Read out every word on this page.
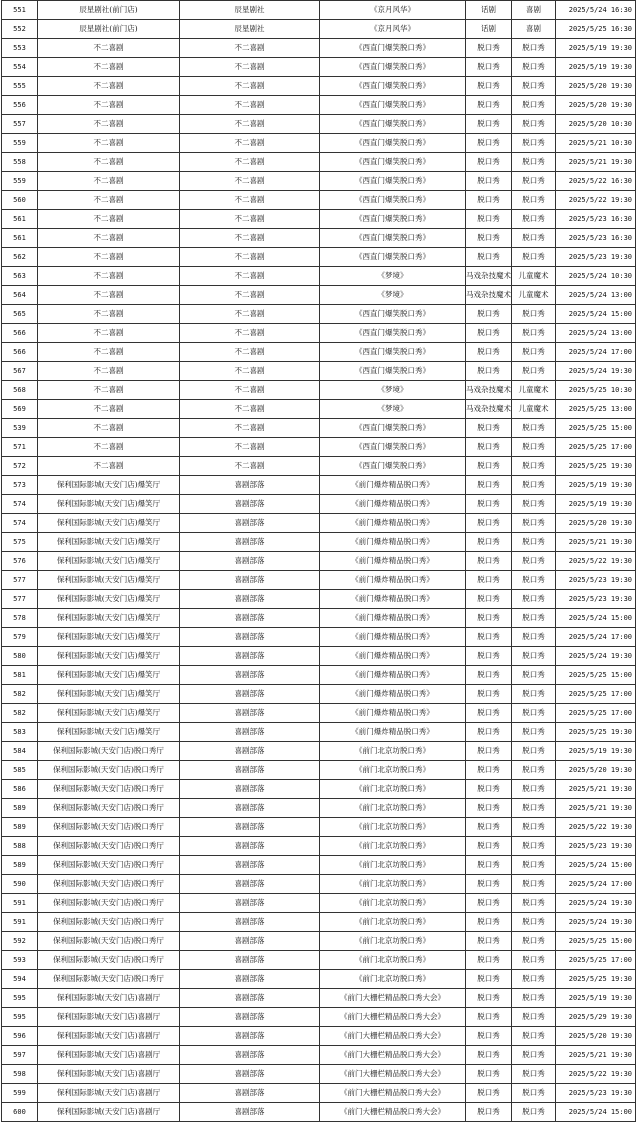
551	辰星剧社(前门店)	辰星剧社	《京月风华》	话剧	喜剧	2025/5/24 16:30
552	辰星剧社(前门店)	辰星剧社	《京月风华》	话剧	喜剧	2025/5/25 16:30
553	不二喜剧	不二喜剧	《西直门爆笑脱口秀》	脱口秀	脱口秀	2025/5/19 19:30
554	不二喜剧	不二喜剧	《西直门爆笑脱口秀》	脱口秀	脱口秀	2025/5/19 19:30
555	不二喜剧	不二喜剧	《西直门爆笑脱口秀》	脱口秀	脱口秀	2025/5/20 19:30
556	不二喜剧	不二喜剧	《西直门爆笑脱口秀》	脱口秀	脱口秀	2025/5/20 19:30
557	不二喜剧	不二喜剧	《西直门爆笑脱口秀》	脱口秀	脱口秀	2025/5/20 10:30
559	不二喜剧	不二喜剧	《西直门爆笑脱口秀》	脱口秀	脱口秀	2025/5/21 10:30
558	不二喜剧	不二喜剧	《西直门爆笑脱口秀》	脱口秀	脱口秀	2025/5/21 19:30
559	不二喜剧	不二喜剧	《西直门爆笑脱口秀》	脱口秀	脱口秀	2025/5/22 16:30
560	不二喜剧	不二喜剧	《西直门爆笑脱口秀》	脱口秀	脱口秀	2025/5/22 19:30
561	不二喜剧	不二喜剧	《西直门爆笑脱口秀》	脱口秀	脱口秀	2025/5/23 16:30
561	不二喜剧	不二喜剧	《西直门爆笑脱口秀》	脱口秀	脱口秀	2025/5/23 16:30
562	不二喜剧	不二喜剧	《西直门爆笑脱口秀》	脱口秀	脱口秀	2025/5/23 19:30
563	不二喜剧	不二喜剧	《梦境》	马戏杂技魔术	儿童魔术	2025/5/24 10:30
564	不二喜剧	不二喜剧	《梦境》	马戏杂技魔术	儿童魔术	2025/5/24 13:00
565	不二喜剧	不二喜剧	《西直门爆笑脱口秀》	脱口秀	脱口秀	2025/5/24 15:00
566	不二喜剧	不二喜剧	《西直门爆笑脱口秀》	脱口秀	脱口秀	2025/5/24 13:00
566	不二喜剧	不二喜剧	《西直门爆笑脱口秀》	脱口秀	脱口秀	2025/5/24 17:00
567	不二喜剧	不二喜剧	《西直门爆笑脱口秀》	脱口秀	脱口秀	2025/5/24 19:30
568	不二喜剧	不二喜剧	《梦境》	马戏杂技魔术	儿童魔术	2025/5/25 10:30
569	不二喜剧	不二喜剧	《梦境》	马戏杂技魔术	儿童魔术	2025/5/25 13:00
539	不二喜剧	不二喜剧	《西直门爆笑脱口秀》	脱口秀	脱口秀	2025/5/25 15:00
571	不二喜剧	不二喜剧	《西直门爆笑脱口秀》	脱口秀	脱口秀	2025/5/25 17:00
572	不二喜剧	不二喜剧	《西直门爆笑脱口秀》	脱口秀	脱口秀	2025/5/25 19:30
573	保利国际影城(天安门店)爆笑厅	喜剧部落	《前门爆炸精品脱口秀》	脱口秀	脱口秀	2025/5/19 19:30
574	保利国际影城(天安门店)爆笑厅	喜剧部落	《前门爆炸精品脱口秀》	脱口秀	脱口秀	2025/5/19 19:30
574	保利国际影城(天安门店)爆笑厅	喜剧部落	《前门爆炸精品脱口秀》	脱口秀	脱口秀	2025/5/20 19:30
575	保利国际影城(天安门店)爆笑厅	喜剧部落	《前门爆炸精品脱口秀》	脱口秀	脱口秀	2025/5/21 19:30
576	保利国际影城(天安门店)爆笑厅	喜剧部落	《前门爆炸精品脱口秀》	脱口秀	脱口秀	2025/5/22 19:30
577	保利国际影城(天安门店)爆笑厅	喜剧部落	《前门爆炸精品脱口秀》	脱口秀	脱口秀	2025/5/23 19:30
577	保利国际影城(天安门店)爆笑厅	喜剧部落	《前门爆炸精品脱口秀》	脱口秀	脱口秀	2025/5/23 19:30
578	保利国际影城(天安门店)爆笑厅	喜剧部落	《前门爆炸精品脱口秀》	脱口秀	脱口秀	2025/5/24 15:00
579	保利国际影城(天安门店)爆笑厅	喜剧部落	《前门爆炸精品脱口秀》	脱口秀	脱口秀	2025/5/24 17:00
580	保利国际影城(天安门店)爆笑厅	喜剧部落	《前门爆炸精品脱口秀》	脱口秀	脱口秀	2025/5/24 19:30
581	保利国际影城(天安门店)爆笑厅	喜剧部落	《前门爆炸精品脱口秀》	脱口秀	脱口秀	2025/5/25 15:00
582	保利国际影城(天安门店)爆笑厅	喜剧部落	《前门爆炸精品脱口秀》	脱口秀	脱口秀	2025/5/25 17:00
582	保利国际影城(天安门店)爆笑厅	喜剧部落	《前门爆炸精品脱口秀》	脱口秀	脱口秀	2025/5/25 17:00
583	保利国际影城(天安门店)爆笑厅	喜剧部落	《前门爆炸精品脱口秀》	脱口秀	脱口秀	2025/5/25 19:30
584	保利国际影城(天安门店)脱口秀厅	喜剧部落	《前门北京坊脱口秀》	脱口秀	脱口秀	2025/5/19 19:30
585	保利国际影城(天安门店)脱口秀厅	喜剧部落	《前门北京坊脱口秀》	脱口秀	脱口秀	2025/5/20 19:30
586	保利国际影城(天安门店)脱口秀厅	喜剧部落	《前门北京坊脱口秀》	脱口秀	脱口秀	2025/5/21 19:30
589	保利国际影城(天安门店)脱口秀厅	喜剧部落	《前门北京坊脱口秀》	脱口秀	脱口秀	2025/5/21 19:30
589	保利国际影城(天安门店)脱口秀厅	喜剧部落	《前门北京坊脱口秀》	脱口秀	脱口秀	2025/5/22 19:30
588	保利国际影城(天安门店)脱口秀厅	喜剧部落	《前门北京坊脱口秀》	脱口秀	脱口秀	2025/5/23 19:30
589	保利国际影城(天安门店)脱口秀厅	喜剧部落	《前门北京坊脱口秀》	脱口秀	脱口秀	2025/5/24 15:00
590	保利国际影城(天安门店)脱口秀厅	喜剧部落	《前门北京坊脱口秀》	脱口秀	脱口秀	2025/5/24 17:00
591	保利国际影城(天安门店)脱口秀厅	喜剧部落	《前门北京坊脱口秀》	脱口秀	脱口秀	2025/5/24 19:30
591	保利国际影城(天安门店)脱口秀厅	喜剧部落	《前门北京坊脱口秀》	脱口秀	脱口秀	2025/5/24 19:30
592	保利国际影城(天安门店)脱口秀厅	喜剧部落	《前门北京坊脱口秀》	脱口秀	脱口秀	2025/5/25 15:00
593	保利国际影城(天安门店)脱口秀厅	喜剧部落	《前门北京坊脱口秀》	脱口秀	脱口秀	2025/5/25 17:00
594	保利国际影城(天安门店)脱口秀厅	喜剧部落	《前门北京坊脱口秀》	脱口秀	脱口秀	2025/5/25 19:30
595	保利国际影城(天安门店)喜剧厅	喜剧部落	《前门大栅栏精品脱口秀大会》	脱口秀	脱口秀	2025/5/19 19:30
595	保利国际影城(天安门店)喜剧厅	喜剧部落	《前门大栅栏精品脱口秀大会》	脱口秀	脱口秀	2025/5/29 19:30
596	保利国际影城(天安门店)喜剧厅	喜剧部落	《前门大栅栏精品脱口秀大会》	脱口秀	脱口秀	2025/5/20 19:30
597	保利国际影城(天安门店)喜剧厅	喜剧部落	《前门大栅栏精品脱口秀大会》	脱口秀	脱口秀	2025/5/21 19:30
598	保利国际影城(天安门店)喜剧厅	喜剧部落	《前门大栅栏精品脱口秀大会》	脱口秀	脱口秀	2025/5/22 19:30
599	保利国际影城(天安门店)喜剧厅	喜剧部落	《前门大栅栏精品脱口秀大会》	脱口秀	脱口秀	2025/5/23 19:30
600	保利国际影城(天安门店)喜剧厅	喜剧部落	《前门大栅栏精品脱口秀大会》	脱口秀	脱口秀	2025/5/24 15:00
